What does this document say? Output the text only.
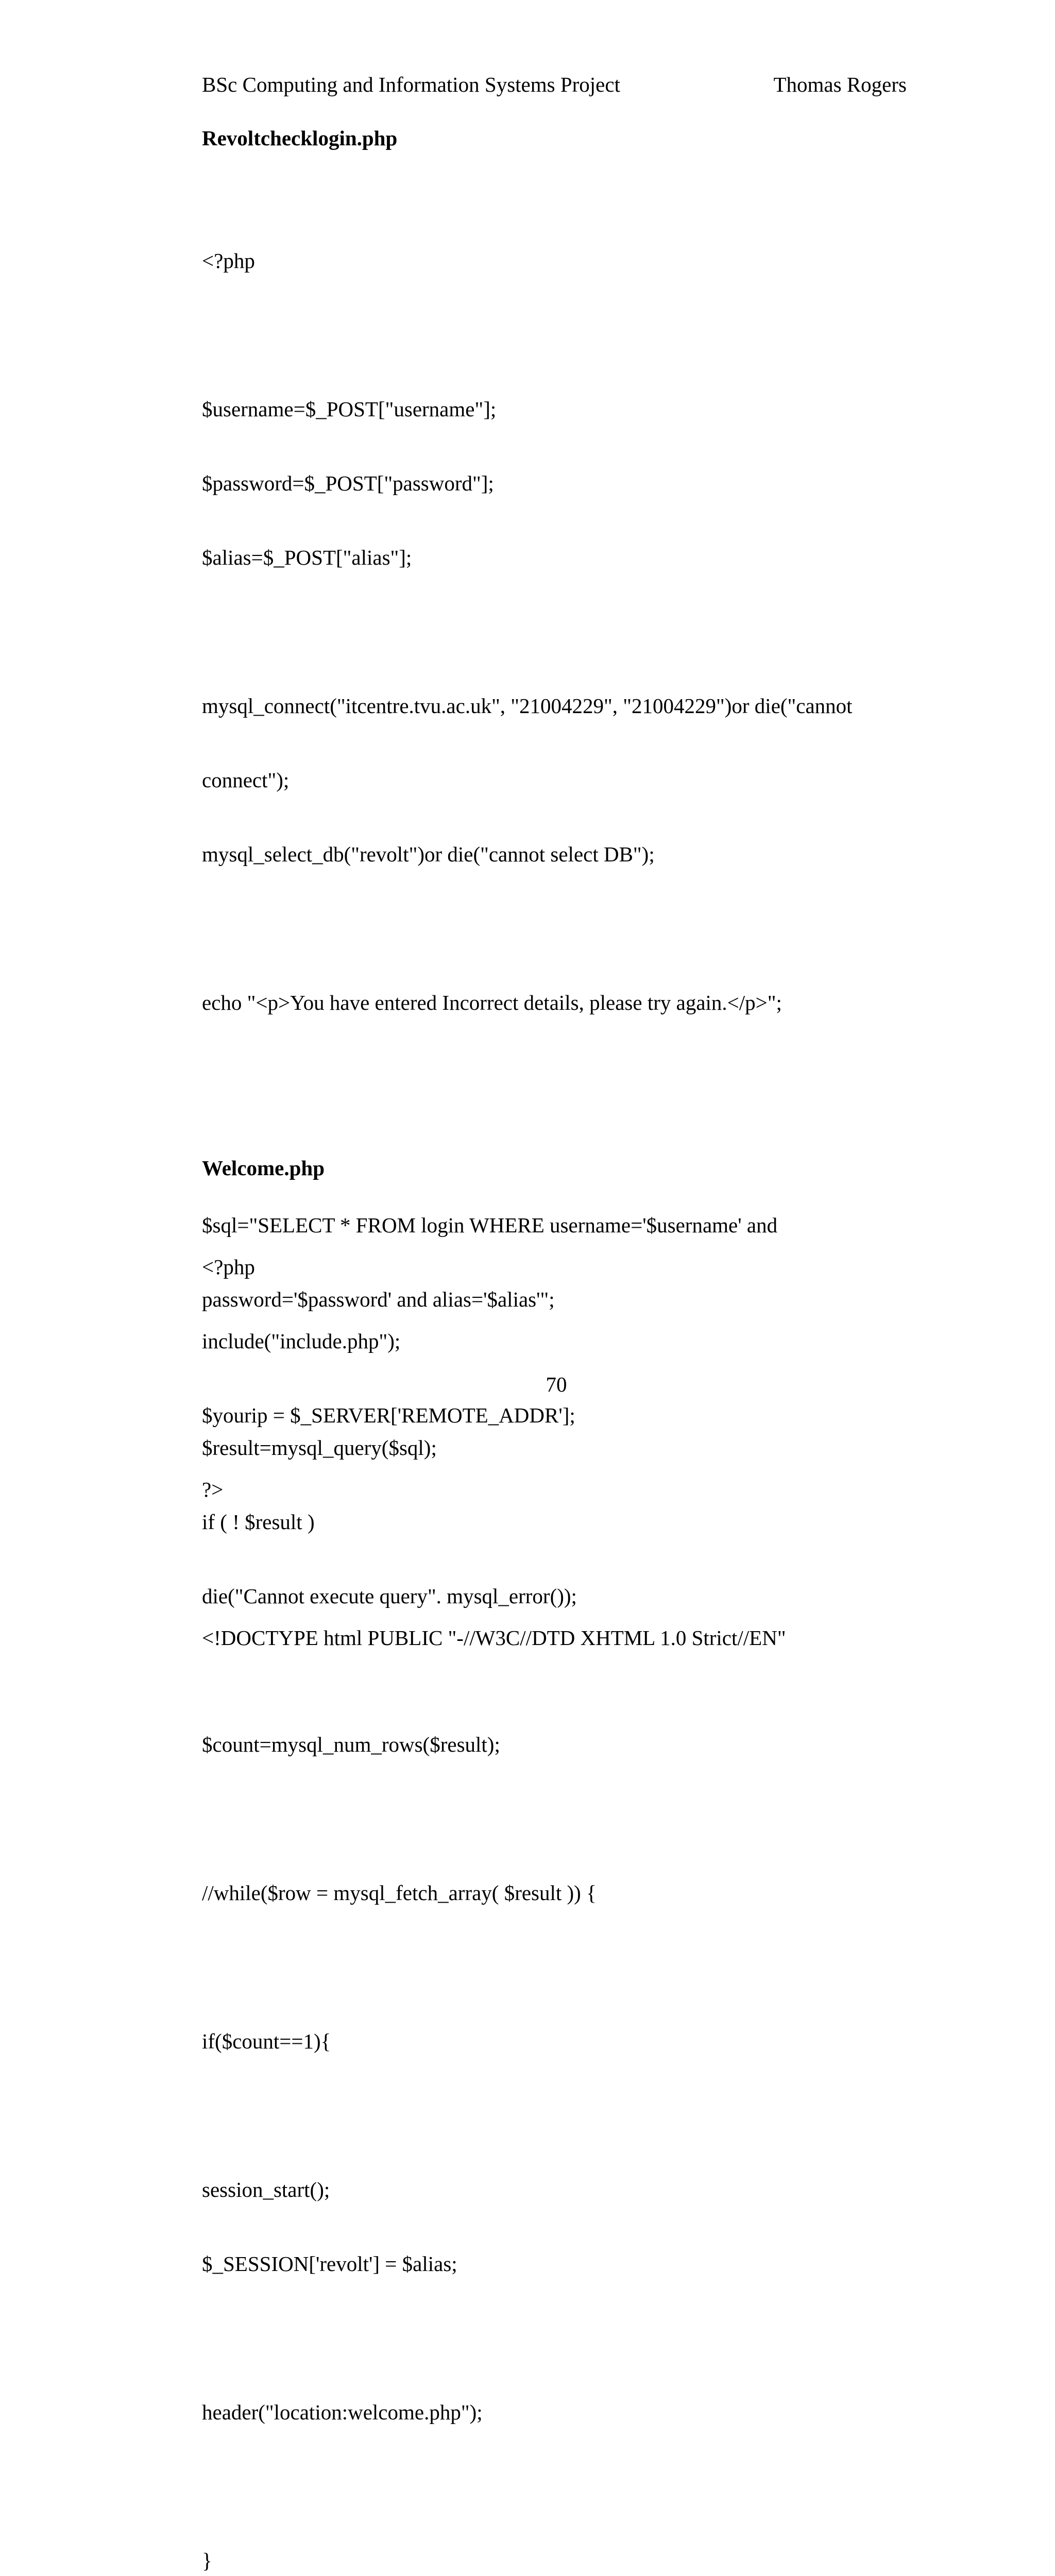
BSc Computing and Information Systems Project	Thomas Rogers
Revoltchecklogin.php

<?php

$username=$_POST["username"];

$password=$_POST["password"];

$alias=$_POST["alias"];

mysql_connect("itcentre.tvu.ac.uk", "21004229", "21004229")or die("cannot

connect");

mysql_select_db("revolt")or die("cannot select DB");

echo "<p>You have entered Incorrect details, please try again.</p>";

$sql="SELECT * FROM login WHERE username='$username' and

password='$password' and alias='$alias'";

$result=mysql_query($sql);

if ( ! $result )

die("Cannot execute query". mysql_error());

$count=mysql_num_rows($result);

//while($row = mysql_fetch_array( $result )) {

if($count==1){

session_start();

$_SESSION['revolt'] = $alias;

header("location:welcome.php");

}

Welcome.php

<?php

include("include.php");

$yourip = $_SERVER['REMOTE_ADDR'];

?>

<!DOCTYPE html PUBLIC "-//W3C//DTD XHTML 1.0 Strict//EN"

70
